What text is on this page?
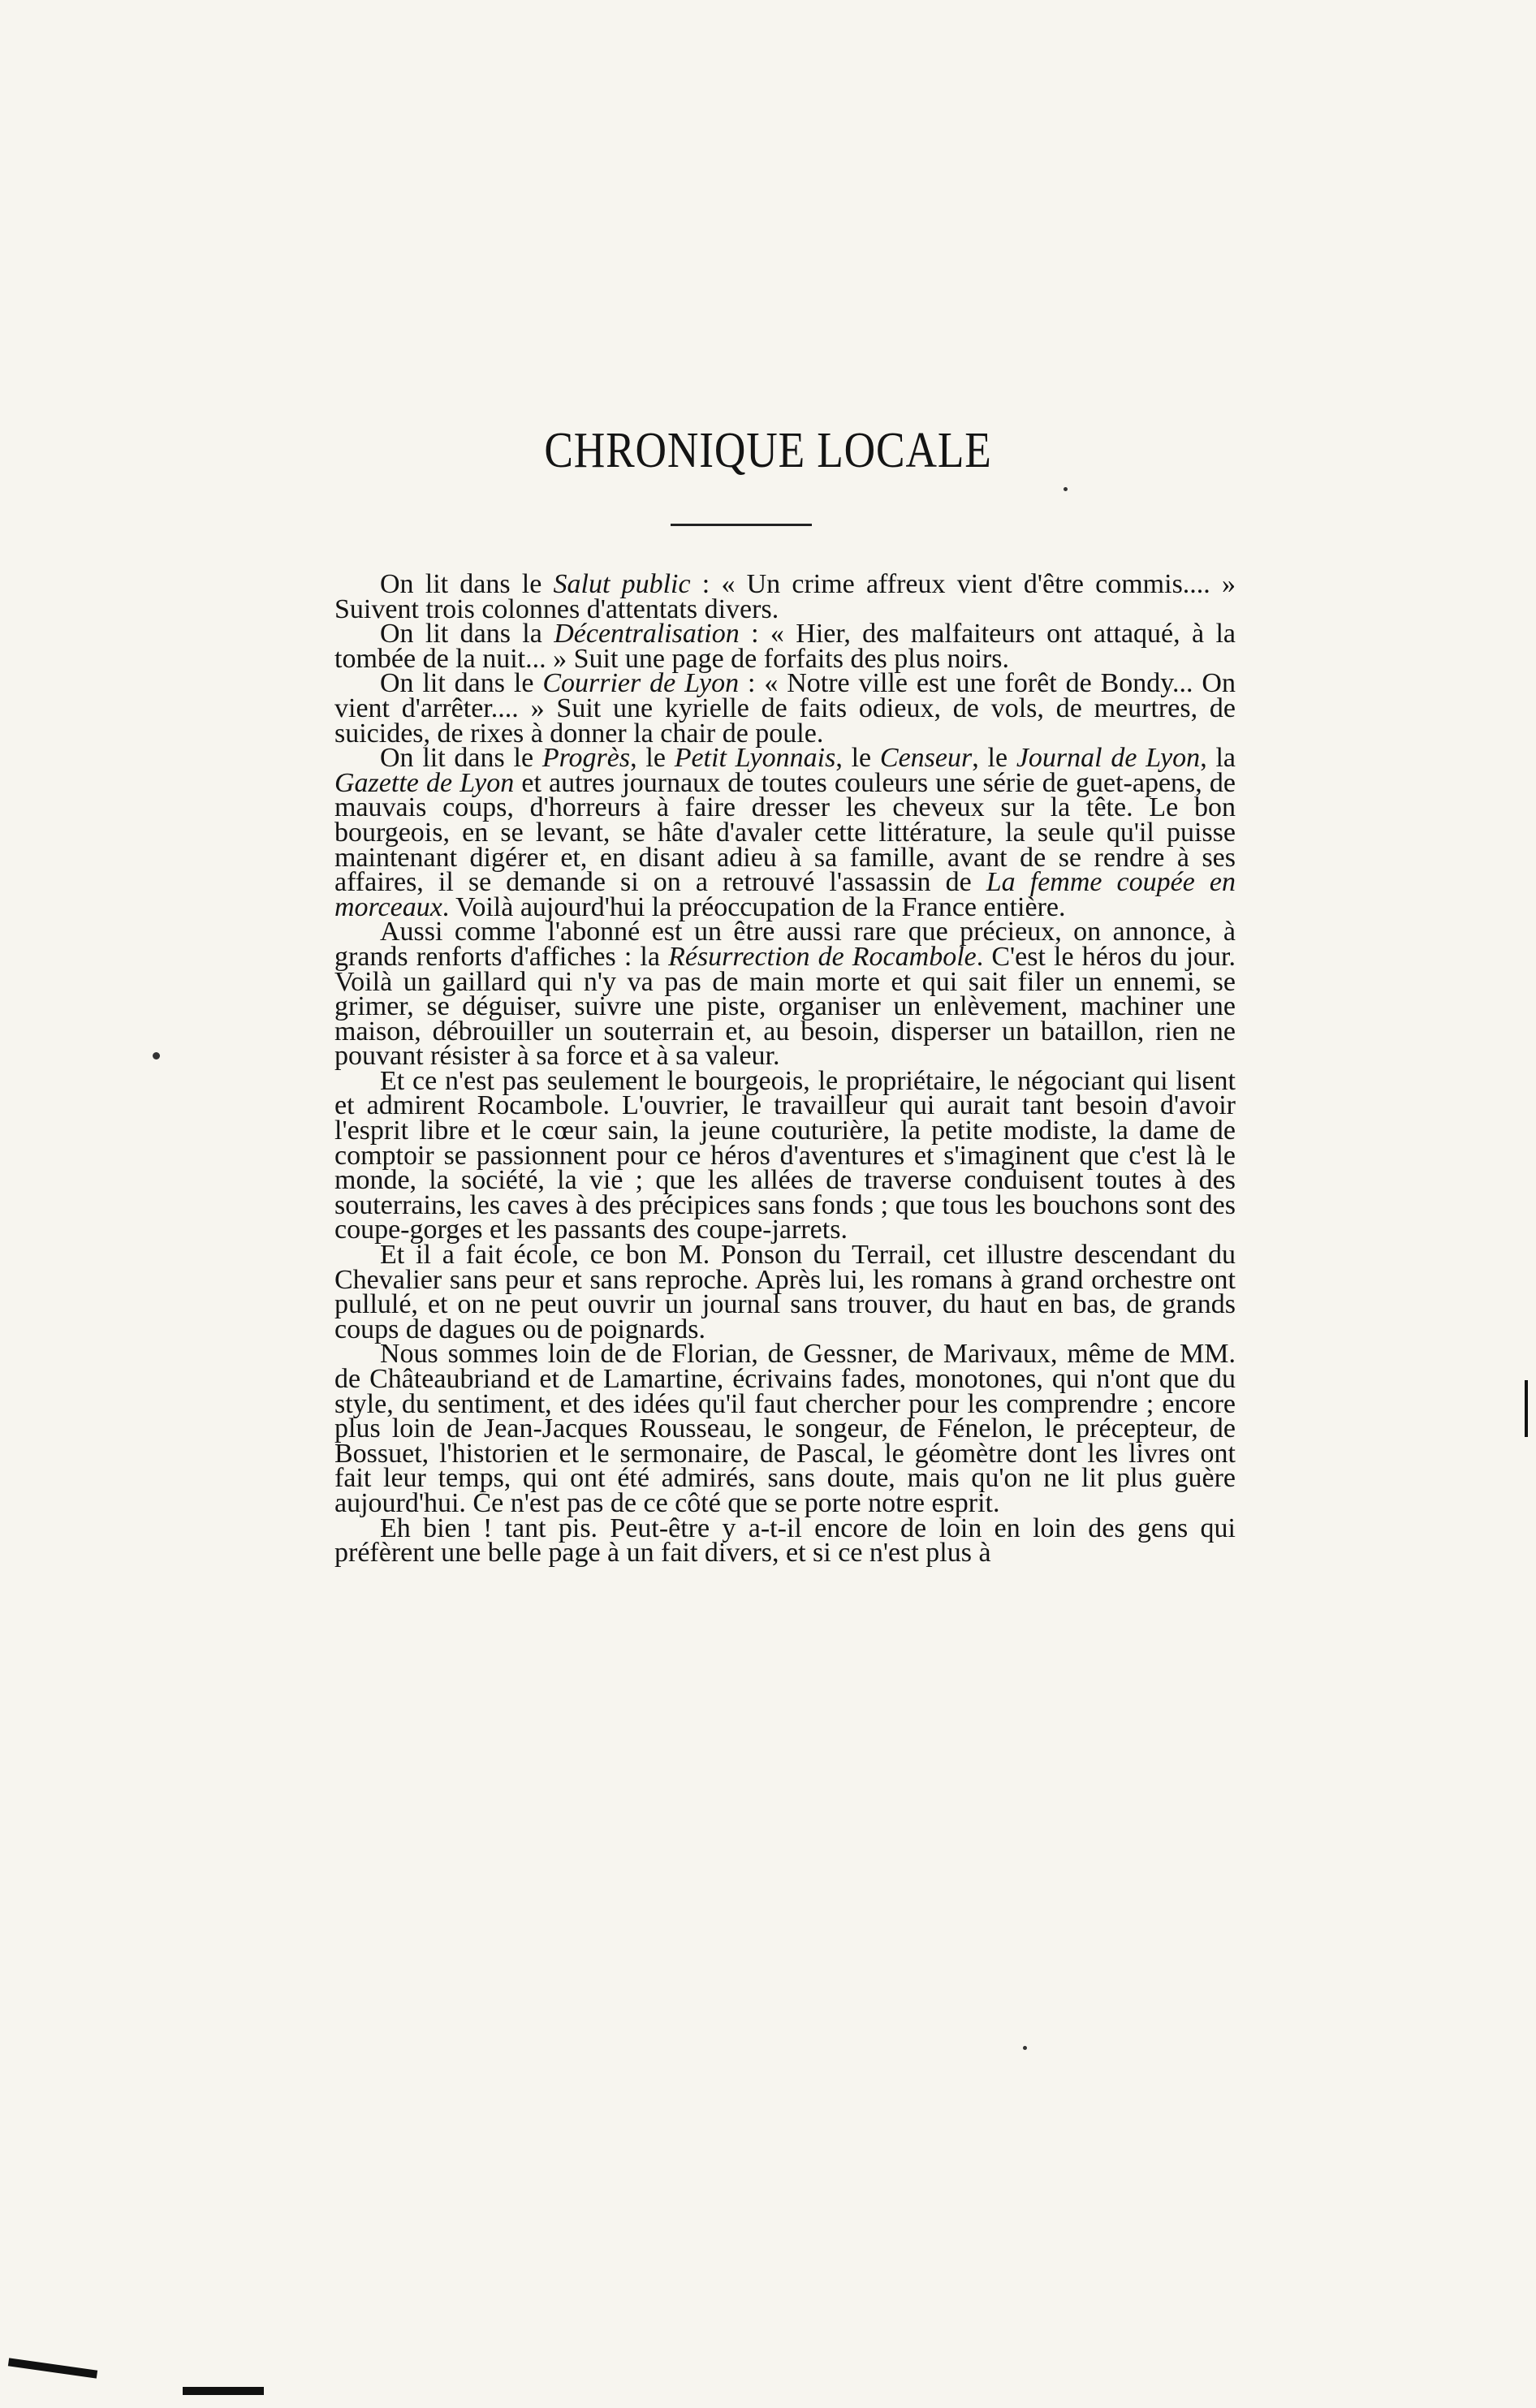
CHRONIQUE LOCALE

On lit dans le Salut public : « Un crime affreux vient d'être commis.... » Suivent trois colonnes d'attentats divers.

On lit dans la Décentralisation : « Hier, des malfaiteurs ont attaqué, à la tombée de la nuit... » Suit une page de forfaits des plus noirs.

On lit dans le Courrier de Lyon : « Notre ville est une forêt de Bondy... On vient d'arrêter.... » Suit une kyrielle de faits odieux, de vols, de meurtres, de suicides, de rixes à donner la chair de poule.

On lit dans le Progrès, le Petit Lyonnais, le Censeur, le Journal de Lyon, la Gazette de Lyon et autres journaux de toutes couleurs une série de guet-apens, de mauvais coups, d'horreurs à faire dresser les cheveux sur la tête. Le bon bourgeois, en se levant, se hâte d'avaler cette littérature, la seule qu'il puisse maintenant digérer et, en disant adieu à sa famille, avant de se rendre à ses affaires, il se demande si on a retrouvé l'assassin de La femme coupée en morceaux. Voilà aujourd'hui la préoccupation de la France entière.

Aussi comme l'abonné est un être aussi rare que précieux, on annonce, à grands renforts d'affiches : la Résurrection de Rocambole. C'est le héros du jour. Voilà un gaillard qui n'y va pas de main morte et qui sait filer un ennemi, se grimer, se déguiser, suivre une piste, organiser un enlèvement, machiner une maison, débrouiller un souterrain et, au besoin, disperser un bataillon, rien ne pouvant résister à sa force et à sa valeur.

Et ce n'est pas seulement le bourgeois, le propriétaire, le négociant qui lisent et admirent Rocambole. L'ouvrier, le travailleur qui aurait tant besoin d'avoir l'esprit libre et le cœur sain, la jeune couturière, la petite modiste, la dame de comptoir se passionnent pour ce héros d'aventures et s'imaginent que c'est là le monde, la société, la vie ; que les allées de traverse conduisent toutes à des souterrains, les caves à des précipices sans fonds ; que tous les bouchons sont des coupe-gorges et les passants des coupe-jarrets.

Et il a fait école, ce bon M. Ponson du Terrail, cet illustre descendant du Chevalier sans peur et sans reproche. Après lui, les romans à grand orchestre ont pullulé, et on ne peut ouvrir un journal sans trouver, du haut en bas, de grands coups de dagues ou de poignards.

Nous sommes loin de de Florian, de Gessner, de Marivaux, même de MM. de Châteaubriand et de Lamartine, écrivains fades, monotones, qui n'ont que du style, du sentiment, et des idées qu'il faut chercher pour les comprendre ; encore plus loin de Jean-Jacques Rousseau, le songeur, de Fénelon, le précepteur, de Bossuet, l'historien et le sermonaire, de Pascal, le géomètre dont les livres ont fait leur temps, qui ont été admirés, sans doute, mais qu'on ne lit plus guère aujourd'hui. Ce n'est pas de ce côté que se porte notre esprit.

Eh bien ! tant pis. Peut-être y a-t-il encore de loin en loin des gens qui préfèrent une belle page à un fait divers, et si ce n'est plus à
